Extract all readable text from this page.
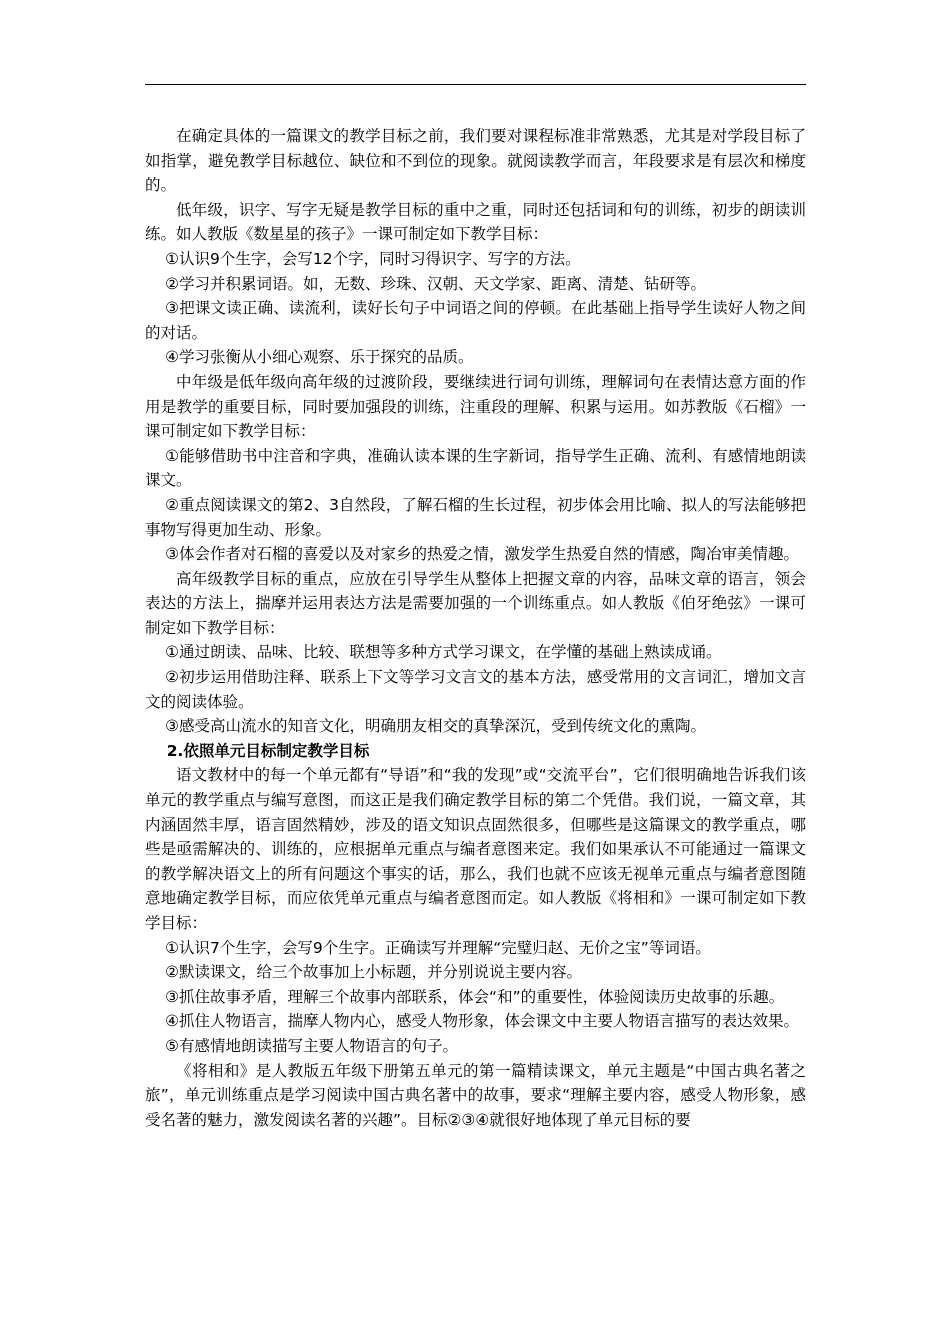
在确定具体的一篇课文的教学目标之前，我们要对课程标准非常熟悉，尤其是对学段目标了如指掌，避免教学目标越位、缺位和不到位的现象。就阅读教学而言，年段要求是有层次和梯度的。

低年级，识字、写字无疑是教学目标的重中之重，同时还包括词和句的训练，初步的朗读训练。如人教版《数星星的孩子》一课可制定如下教学目标：

①认识9个生字，会写12个字，同时习得识字、写字的方法。

②学习并积累词语。如，无数、珍珠、汉朝、天文学家、距离、清楚、钻研等。

③把课文读正确、读流利，读好长句子中词语之间的停顿。在此基础上指导学生读好人物之间的对话。

④学习张衡从小细心观察、乐于探究的品质。

中年级是低年级向高年级的过渡阶段，要继续进行词句训练，理解词句在表情达意方面的作用是教学的重要目标，同时要加强段的训练，注重段的理解、积累与运用。如苏教版《石榴》一课可制定如下教学目标：

①能够借助书中注音和字典，准确认读本课的生字新词，指导学生正确、流利、有感情地朗读课文。

②重点阅读课文的第2、3自然段，了解石榴的生长过程，初步体会用比喻、拟人的写法能够把事物写得更加生动、形象。

③体会作者对石榴的喜爱以及对家乡的热爱之情，激发学生热爱自然的情感，陶冶审美情趣。

高年级教学目标的重点，应放在引导学生从整体上把握文章的内容，品味文章的语言，领会表达的方法上，揣摩并运用表达方法是需要加强的一个训练重点。如人教版《伯牙绝弦》一课可制定如下教学目标：

①通过朗读、品味、比较、联想等多种方式学习课文，在学懂的基础上熟读成诵。

②初步运用借助注释、联系上下文等学习文言文的基本方法，感受常用的文言词汇，增加文言文的阅读体验。

③感受高山流水的知音文化，明确朋友相交的真挚深沉，受到传统文化的熏陶。

2.依照单元目标制定教学目标

语文教材中的每一个单元都有“导语”和“我的发现”或“交流平台”，它们很明确地告诉我们该单元的教学重点与编写意图，而这正是我们确定教学目标的第二个凭借。我们说，一篇文章，其内涵固然丰厚，语言固然精妙，涉及的语文知识点固然很多，但哪些是这篇课文的教学重点，哪些是亟需解决的、训练的，应根据单元重点与编者意图来定。我们如果承认不可能通过一篇课文的教学解决语文上的所有问题这个事实的话，那么，我们也就不应该无视单元重点与编者意图随意地确定教学目标，而应依凭单元重点与编者意图而定。如人教版《将相和》一课可制定如下教学目标：

①认识7个生字，会写9个生字。正确读写并理解“完璧归赵、无价之宝”等词语。

②默读课文，给三个故事加上小标题，并分别说说主要内容。

③抓住故事矛盾，理解三个故事内部联系，体会“和”的重要性，体验阅读历史故事的乐趣。

④抓住人物语言，揣摩人物内心，感受人物形象，体会课文中主要人物语言描写的表达效果。

⑤有感情地朗读描写主要人物语言的句子。

《将相和》是人教版五年级下册第五单元的第一篇精读课文，单元主题是“中国古典名著之旅”，单元训练重点是学习阅读中国古典名著中的故事，要求“理解主要内容，感受人物形象，感受名著的魅力，激发阅读名著的兴趣”。目标②③④就很好地体现了单元目标的要
